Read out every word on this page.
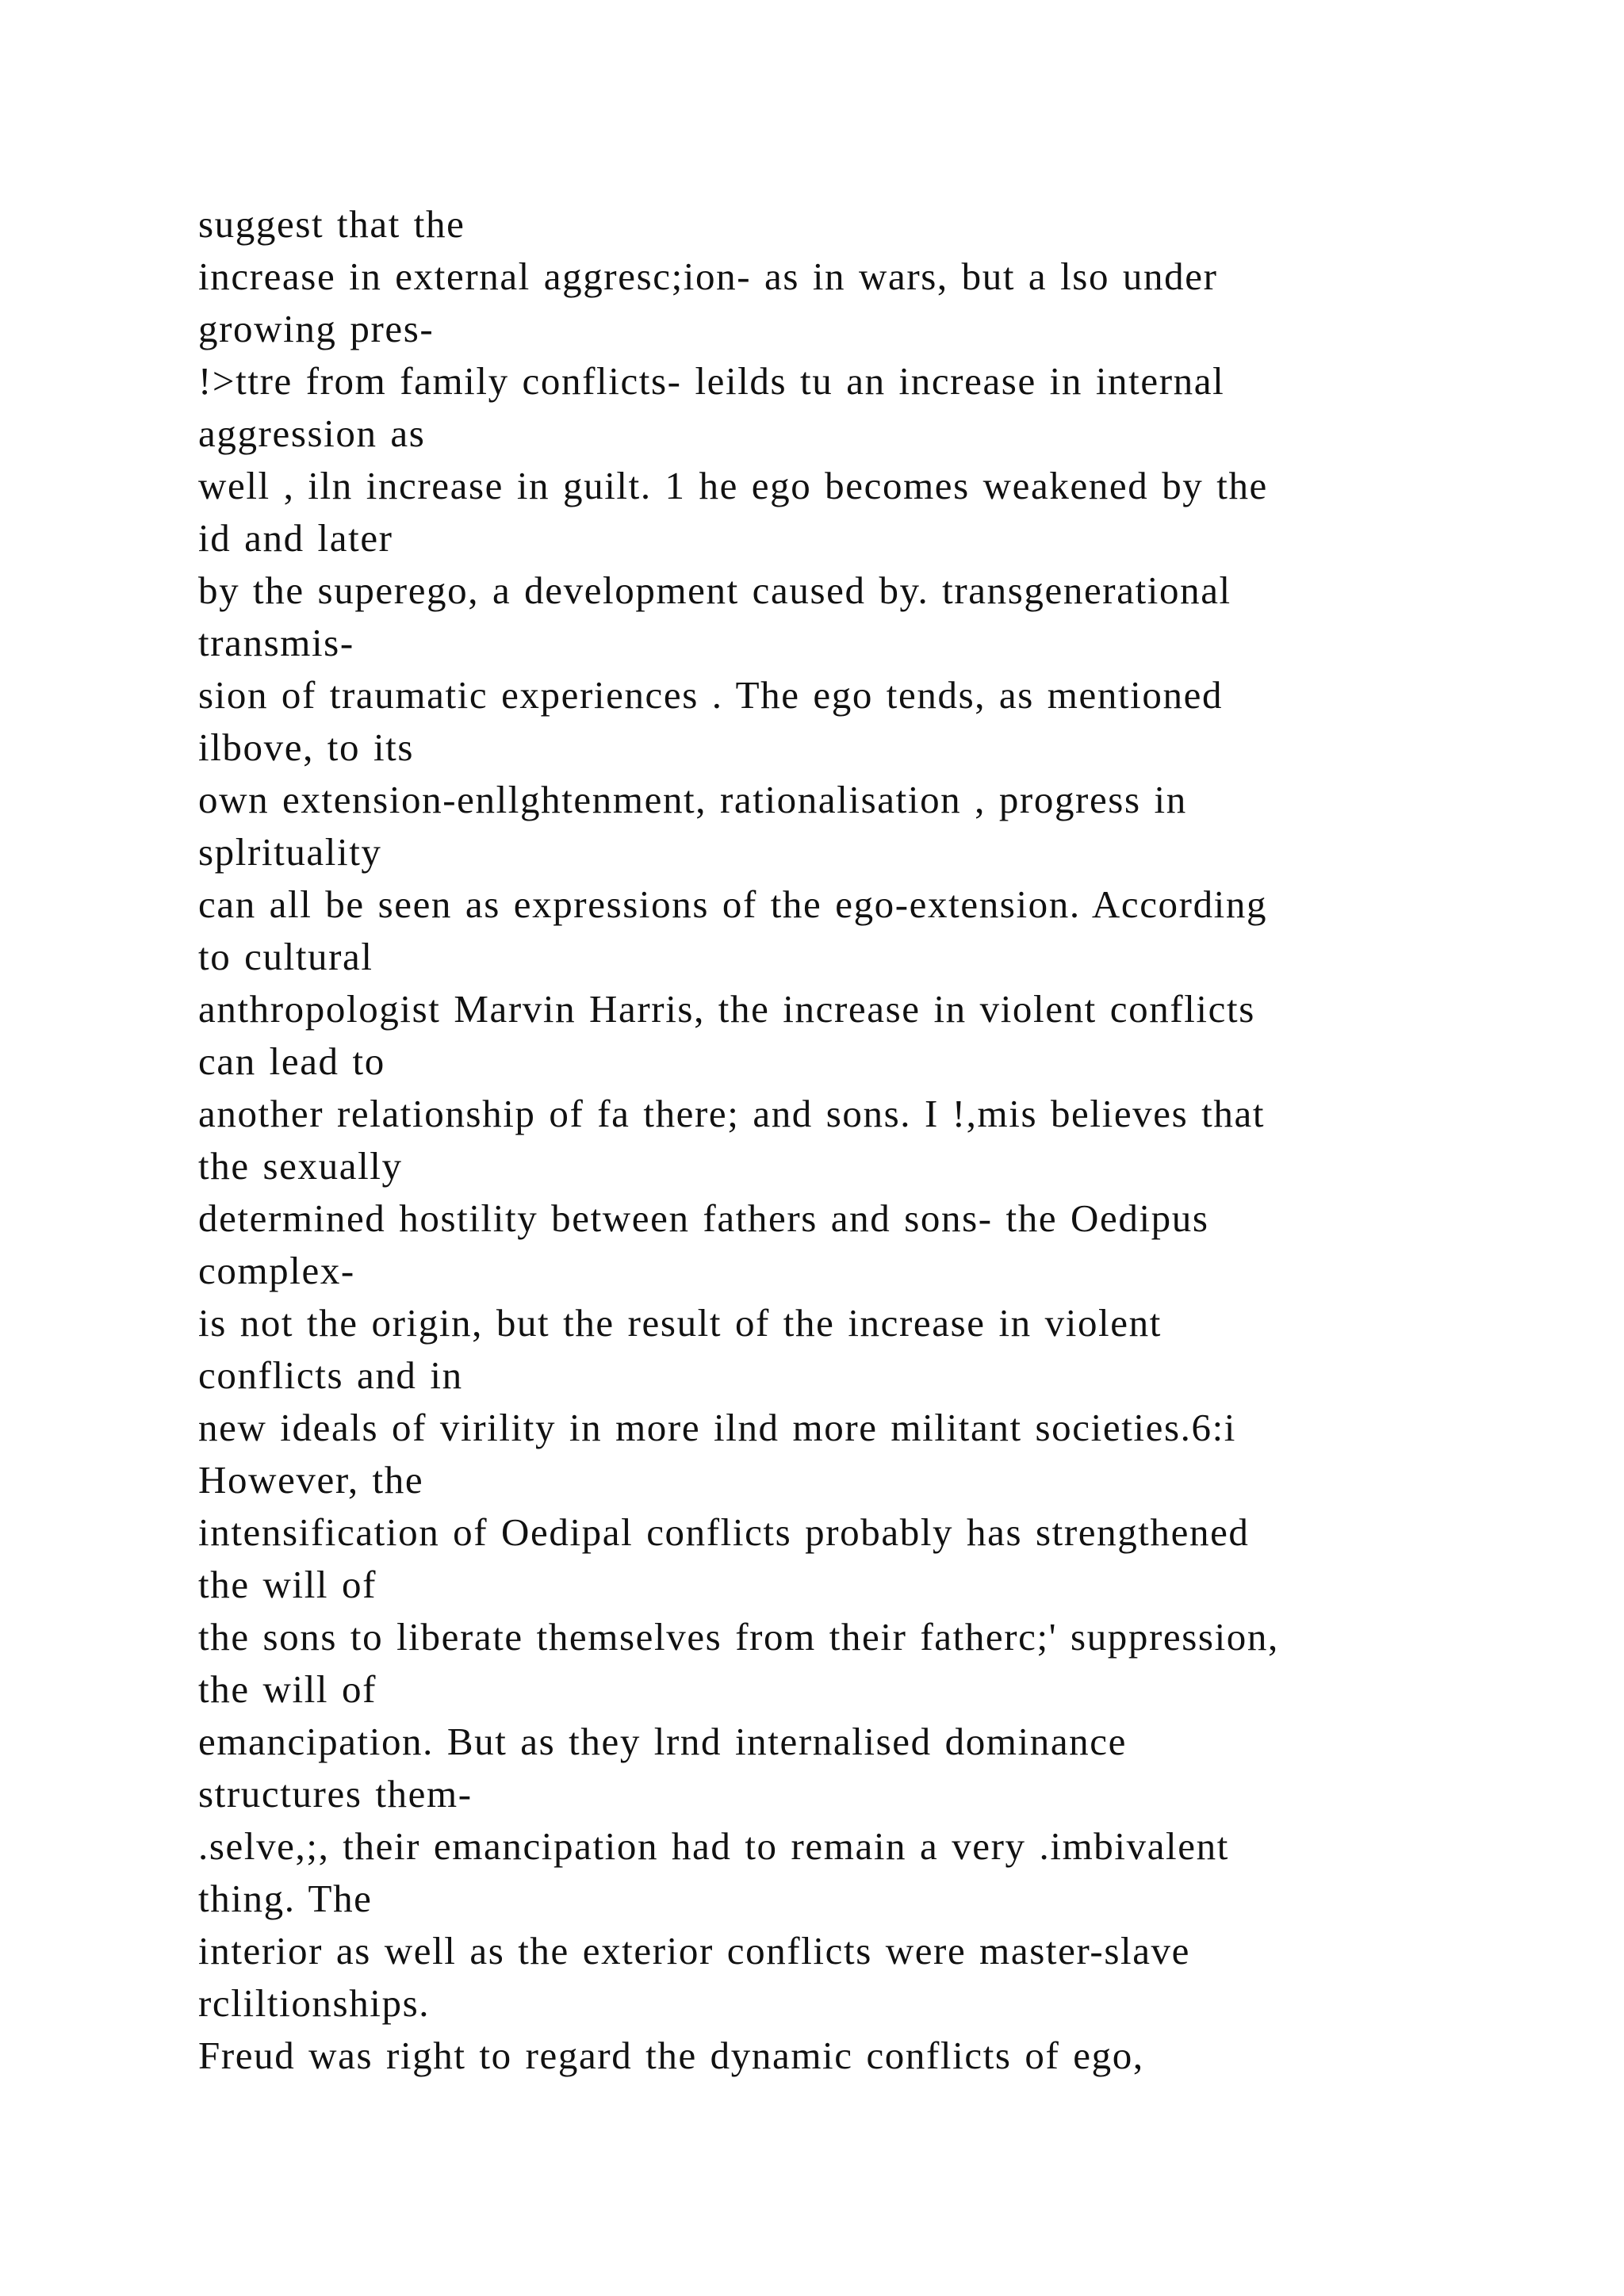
suggest that the
increase in external aggresc;ion- as in wars, but a lso under
growing pres-
!>ttre from family conflicts- leilds tu an increase in internal
aggression as
well , iln increase in guilt. 1 he ego becomes weakened by the
id and later
by the superego, a development caused by. transgenerational
transmis-
sion of traumatic experiences . The ego tends, as mentioned
ilbove, to its
own extension-enllghtenment, rationalisation , progress in
splrituality
can all be seen as expressions of the ego-extension. According
to cultural
anthropologist Marvin Harris, the increase in violent conflicts
can lead to
another relationship of fa there; and sons. I !,mis believes that
the sexually
determined hostility between fathers and sons- the Oedipus
complex-
is not the origin, but the result of the increase in violent
conflicts and in
new ideals of virility in more ilnd more militant societies.6:i
However, the
intensification of Oedipal conflicts probably has strengthened
the will of
the sons to liberate themselves from their fatherc;' suppression,
the will of
emancipation. But as they lrnd internalised dominance
structures them-
.selve,;, their emancipation had to remain a very .imbivalent
thing. The
interior as well as the exterior conflicts were master-slave
rcliltionships.
Freud was right to regard the dynamic conflicts of ego,
